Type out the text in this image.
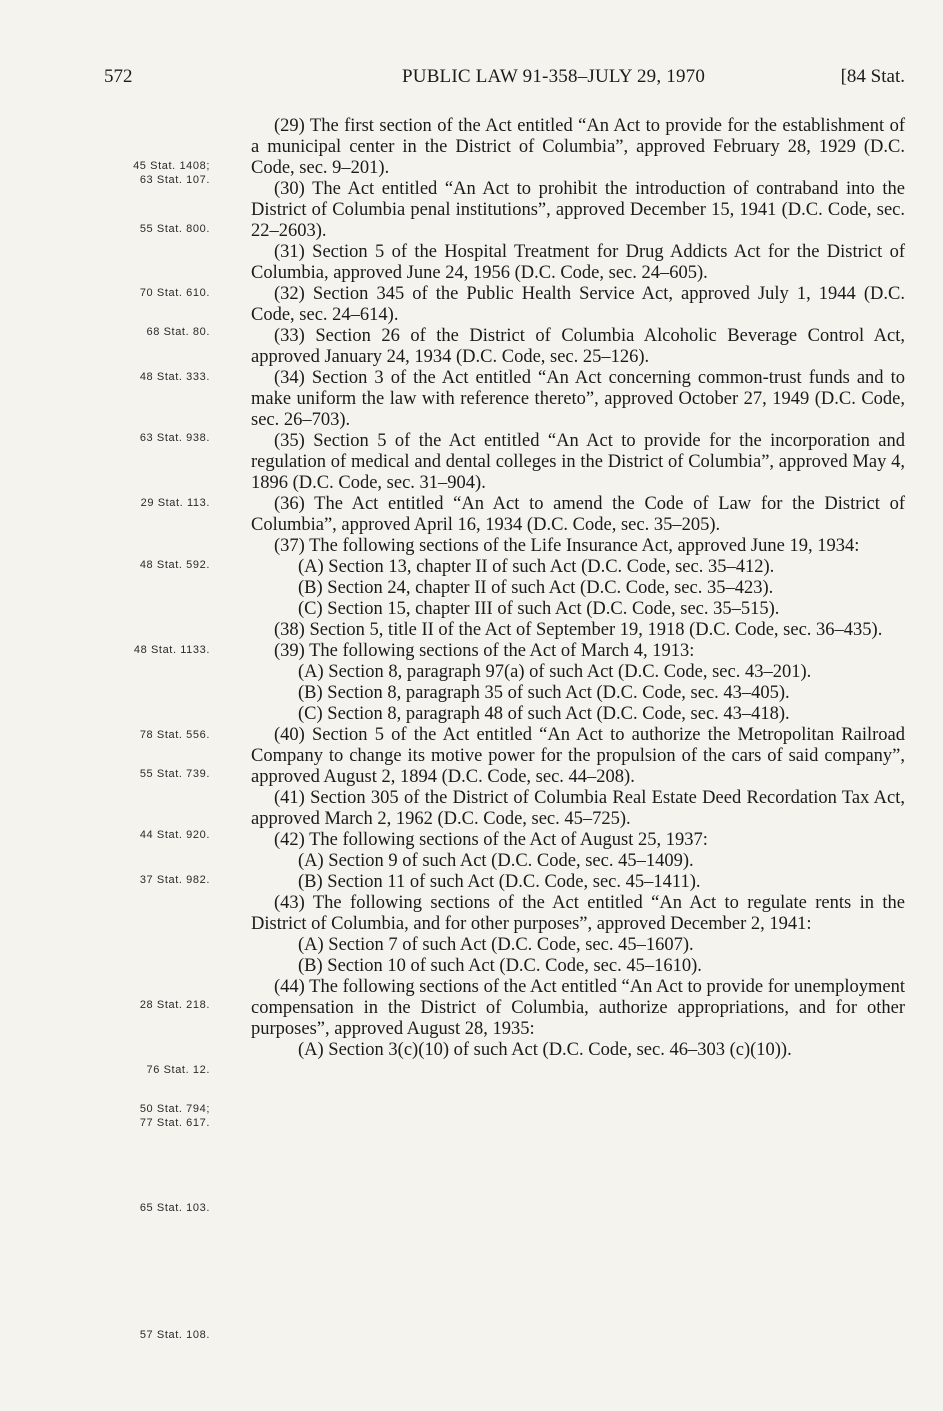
572	PUBLIC LAW 91-358–JULY 29, 1970	[84 Stat.
45 Stat. 1408;
63 Stat. 107.
55 Stat. 800.
70 Stat. 610.
68 Stat. 80.
48 Stat. 333.
63 Stat. 938.
29 Stat. 113.
48 Stat. 592.
48 Stat. 1133.
78 Stat. 556.
55 Stat. 739.
44 Stat. 920.
37 Stat. 982.
28 Stat. 218.
76 Stat. 12.
50 Stat. 794;
77 Stat. 617.
65 Stat. 103.
57 Stat. 108.

(29) The first section of the Act entitled “An Act to provide for the establishment of a municipal center in the District of Columbia”, approved February 28, 1929 (D.C. Code, sec. 9–201).

(30) The Act entitled “An Act to prohibit the introduction of contraband into the District of Columbia penal institutions”, approved December 15, 1941 (D.C. Code, sec. 22–2603).

(31) Section 5 of the Hospital Treatment for Drug Addicts Act for the District of Columbia, approved June 24, 1956 (D.C. Code, sec. 24–605).

(32) Section 345 of the Public Health Service Act, approved July 1, 1944 (D.C. Code, sec. 24–614).

(33) Section 26 of the District of Columbia Alcoholic Beverage Control Act, approved January 24, 1934 (D.C. Code, sec. 25–126).

(34) Section 3 of the Act entitled “An Act concerning common-trust funds and to make uniform the law with reference thereto”, approved October 27, 1949 (D.C. Code, sec. 26–703).

(35) Section 5 of the Act entitled “An Act to provide for the incorporation and regulation of medical and dental colleges in the District of Columbia”, approved May 4, 1896 (D.C. Code, sec. 31–904).

(36) The Act entitled “An Act to amend the Code of Law for the District of Columbia”, approved April 16, 1934 (D.C. Code, sec. 35–205).

(37) The following sections of the Life Insurance Act, approved June 19, 1934:

(A) Section 13, chapter II of such Act (D.C. Code, sec. 35–412).

(B) Section 24, chapter II of such Act (D.C. Code, sec. 35–423).

(C) Section 15, chapter III of such Act (D.C. Code, sec. 35–515).

(38) Section 5, title II of the Act of September 19, 1918 (D.C. Code, sec. 36–435).

(39) The following sections of the Act of March 4, 1913:

(A) Section 8, paragraph 97(a) of such Act (D.C. Code, sec. 43–201).

(B) Section 8, paragraph 35 of such Act (D.C. Code, sec. 43–405).

(C) Section 8, paragraph 48 of such Act (D.C. Code, sec. 43–418).

(40) Section 5 of the Act entitled “An Act to authorize the Metropolitan Railroad Company to change its motive power for the propulsion of the cars of said company”, approved August 2, 1894 (D.C. Code, sec. 44–208).

(41) Section 305 of the District of Columbia Real Estate Deed Recordation Tax Act, approved March 2, 1962 (D.C. Code, sec. 45–725).

(42) The following sections of the Act of August 25, 1937:

(A) Section 9 of such Act (D.C. Code, sec. 45–1409).

(B) Section 11 of such Act (D.C. Code, sec. 45–1411).

(43) The following sections of the Act entitled “An Act to regulate rents in the District of Columbia, and for other purposes”, approved December 2, 1941:

(A) Section 7 of such Act (D.C. Code, sec. 45–1607).

(B) Section 10 of such Act (D.C. Code, sec. 45–1610).

(44) The following sections of the Act entitled “An Act to provide for unemployment compensation in the District of Columbia, authorize appropriations, and for other purposes”, approved August 28, 1935:

(A) Section 3(c)(10) of such Act (D.C. Code, sec. 46–303 (c)(10)).
